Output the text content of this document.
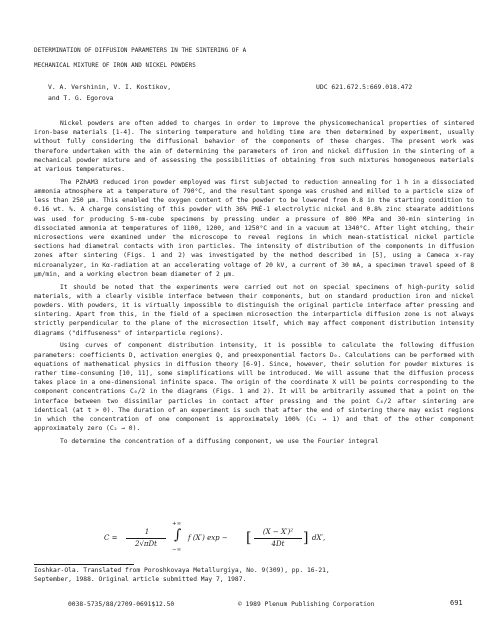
DETERMINATION OF DIFFUSION PARAMETERS IN THE SINTERING OF A
MECHANICAL MIXTURE OF IRON AND NICKEL POWDERS
V. A. Vershinin, V. I. Kostikov,
and T. G. Egorova
UDC 621.672.5:669.018.472

Nickel powders are often added to charges in order to improve the physicomechanical properties of sintered iron-base materials [1-4]. The sintering temperature and holding time are then determined by experiment, usually without fully considering the diffusional behavior of the components of these charges. The present work was therefore undertaken with the aim of determining the parameters of iron and nickel diffusion in the sintering of a mechanical powder mixture and of assessing the possibilities of obtaining from such mixtures homogeneous materials at various temperatures.

The PZhAM3 reduced iron powder employed was first subjected to reduction annealing for 1 h in a dissociated ammonia atmosphere at a temperature of 790°C, and the resultant sponge was crushed and milled to a particle size of less than 250 μm. This enabled the oxygen content of the powder to be lowered from 0.8 in the starting condition to 0.16 wt. %. A charge consisting of this powder with 36% PNÉ-1 electrolytic nickel and 0.8% zinc stearate additions was used for producing 5-mm-cube specimens by pressing under a pressure of 800 MPa and 30-min sintering in dissociated ammonia at temperatures of 1100, 1200, and 1250°C and in a vacuum at 1340°C. After light etching, their microsections were examined under the microscope to reveal regions in which mean-statistical nickel particle sections had diametral contacts with iron particles. The intensity of distribution of the components in diffusion zones after sintering (Figs. 1 and 2) was investigated by the method described in [5], using a Cameca x-ray microanalyzer, in Kα-radiation at an accelerating voltage of 20 kV, a current of 30 mA, a specimen travel speed of 8 μm/min, and a working electron beam diameter of 2 μm.

It should be noted that the experiments were carried out not on special specimens of high-purity solid materials, with a clearly visible interface between their components, but on standard production iron and nickel powders. With powders, it is virtually impossible to distinguish the original particle interface after pressing and sintering. Apart from this, in the field of a specimen microsection the interparticle diffusion zone is not always strictly perpendicular to the plane of the microsection itself, which may affect component distribution intensity diagrams ("diffuseness" of interparticle regions).

Using curves of component distribution intensity, it is possible to calculate the following diffusion parameters: coefficients D, activation energies Q, and preexponential factors D₀. Calculations can be performed with equations of mathematical physics in diffusion theory [6-9]. Since, however, their solution for powder mixtures is rather time-consuming [10, 11], some simplifications will be introduced. We will assume that the diffusion process takes place in a one-dimensional infinite space. The origin of the coordinate X will be points corresponding to the component concentrations C₀/2 in the diagrams (Figs. 1 and 2). It will be arbitrarily assumed that a point on the interface between two dissimilar particles in contact after pressing and the point C₀/2 after sintering are identical (at t > 0). The duration of an experiment is such that after the end of sintering there may exist regions in which the concentration of one component is approximately 100% (C₁ → 1) and that of the other component approximately zero (C₂ → 0).

To determine the concentration of a diffusing component, we use the Fourier integral

C =
1
2√πDt
+∞
∫
−∞
f (X′) exp − [	(X − X′)²
4Dt	] dX′,
Ioshkar-Ola. Translated from Poroshkovaya Metallurgiya, No. 9(309), pp. 16-21,
September, 1988. Original article submitted May 7, 1987.
0038-5735/88/2709-0691$12.50	© 1989 Plenum Publishing Corporation	691
